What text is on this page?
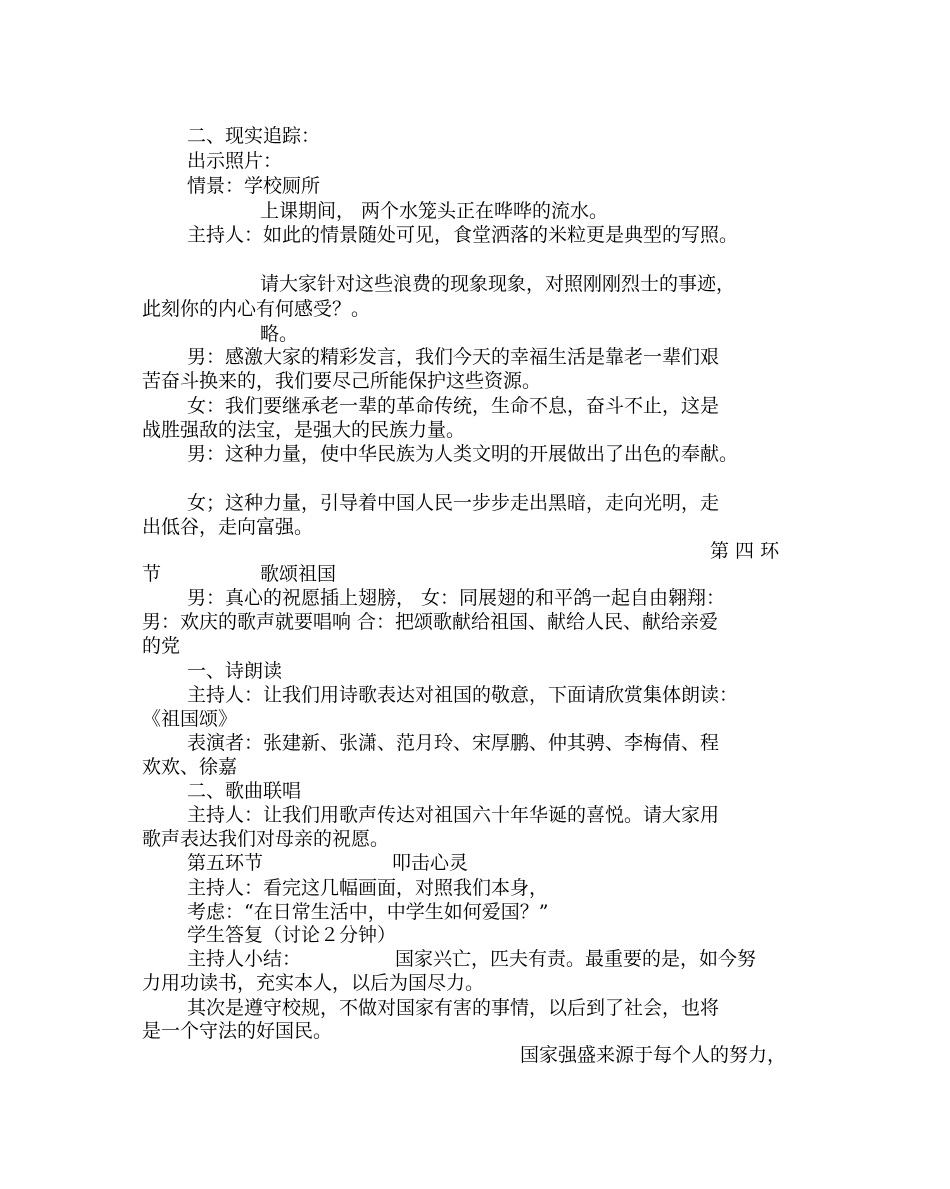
二、现实追踪：
出示照片：
情景：学校厕所
上课期间， 两个水笼头正在哗哗的流水。
主持人：如此的情景随处可见，食堂洒落的米粒更是典型的写照。
请大家针对这些浪费的现象现象，对照刚刚烈士的事迹，
此刻你的内心有何感受？。
略。
男：感激大家的精彩发言，我们今天的幸福生活是靠老一辈们艰
苦奋斗换来的，我们要尽己所能保护这些资源。
女：我们要继承老一辈的革命传统，生命不息，奋斗不止，这是
战胜强敌的法宝，是强大的民族力量。
男：这种力量，使中华民族为人类文明的开展做出了出色的奉献。
女；这种力量，引导着中国人民一步步走出黑暗，走向光明，走
出低谷，走向富强。
第 四 环
节	歌颂祖国
男：真心的祝愿插上翅膀， 女：同展翅的和平鸽一起自由翱翔：
男：欢庆的歌声就要唱响 合：把颂歌献给祖国、献给人民、献给亲爱
的党
一、诗朗读
主持人：让我们用诗歌表达对祖国的敬意，下面请欣赏集体朗读：
《祖国颂》
表演者：张建新、张潇、范月玲、宋厚鹏、仲其骋、李梅倩、程
欢欢、徐嘉
二、歌曲联唱
主持人：让我们用歌声传达对祖国六十年华诞的喜悦。请大家用
歌声表达我们对母亲的祝愿。
第五环节	叩击心灵
主持人：看完这几幅画面，对照我们本身，
考虑：“在日常生活中，中学生如何爱国？”
学生答复（讨论２分钟）
主持人小结：	国家兴亡，匹夫有责。最重要的是，如今努
力用功读书，充实本人，以后为国尽力。
其次是遵守校规，不做对国家有害的事情，以后到了社会，也将
是一个守法的好国民。
国家强盛来源于每个人的努力，
